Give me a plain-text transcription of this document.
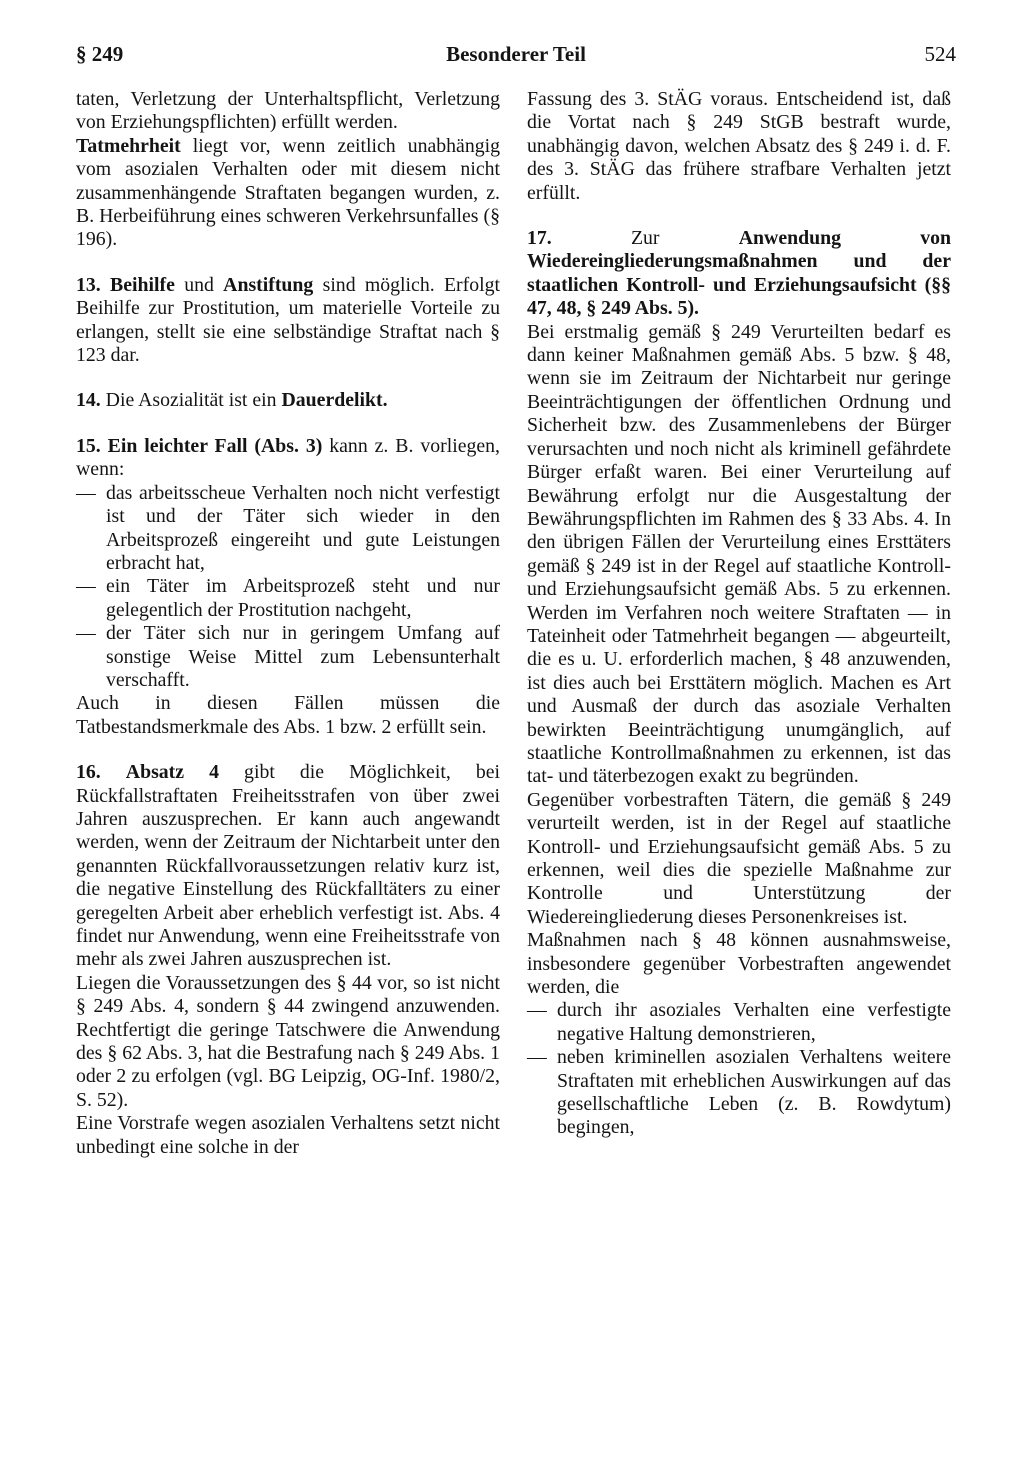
§ 249	Besonderer Teil	524

taten, Verletzung der Unterhaltspflicht, Verletzung von Erziehungspflichten) erfüllt werden.

Tatmehrheit liegt vor, wenn zeitlich unabhängig vom asozialen Verhalten oder mit diesem nicht zusammenhängende Straftaten begangen wurden, z. B. Herbeiführung eines schweren Verkehrsunfalles (§ 196).

13. Beihilfe und Anstiftung sind möglich. Erfolgt Beihilfe zur Prostitution, um materielle Vorteile zu erlangen, stellt sie eine selbständige Straftat nach § 123 dar.

14. Die Asozialität ist ein Dauerdelikt.

15. Ein leichter Fall (Abs. 3) kann z. B. vorliegen, wenn:

— das arbeitsscheue Verhalten noch nicht verfestigt ist und der Täter sich wieder in den Arbeitsprozeß eingereiht und gute Leistungen erbracht hat,

— ein Täter im Arbeitsprozeß steht und nur gelegentlich der Prostitution nachgeht,

— der Täter sich nur in geringem Umfang auf sonstige Weise Mittel zum Lebensunterhalt verschafft.

Auch in diesen Fällen müssen die Tatbestandsmerkmale des Abs. 1 bzw. 2 erfüllt sein.

16. Absatz 4 gibt die Möglichkeit, bei Rückfallstraftaten Freiheitsstrafen von über zwei Jahren auszusprechen. Er kann auch angewandt werden, wenn der Zeitraum der Nichtarbeit unter den genannten Rückfallvoraussetzungen relativ kurz ist, die negative Einstellung des Rückfalltäters zu einer geregelten Arbeit aber erheblich verfestigt ist. Abs. 4 findet nur Anwendung, wenn eine Freiheitsstrafe von mehr als zwei Jahren auszusprechen ist.

Liegen die Voraussetzungen des § 44 vor, so ist nicht § 249 Abs. 4, sondern § 44 zwingend anzuwenden. Rechtfertigt die geringe Tatschwere die Anwendung des § 62 Abs. 3, hat die Bestrafung nach § 249 Abs. 1 oder 2 zu erfolgen (vgl. BG Leipzig, OG-Inf. 1980/2, S. 52).

Eine Vorstrafe wegen asozialen Verhaltens setzt nicht unbedingt eine solche in der

Fassung des 3. StÄG voraus. Entscheidend ist, daß die Vortat nach § 249 StGB bestraft wurde, unabhängig davon, welchen Absatz des § 249 i. d. F. des 3. StÄG das frühere strafbare Verhalten jetzt erfüllt.

17. Zur Anwendung von Wiedereingliederungsmaßnahmen und der staatlichen Kontroll- und Erziehungsaufsicht (§§ 47, 48, § 249 Abs. 5).

Bei erstmalig gemäß § 249 Verurteilten bedarf es dann keiner Maßnahmen gemäß Abs. 5 bzw. § 48, wenn sie im Zeitraum der Nichtarbeit nur geringe Beeinträchtigungen der öffentlichen Ordnung und Sicherheit bzw. des Zusammenlebens der Bürger verursachten und noch nicht als kriminell gefährdete Bürger erfaßt waren. Bei einer Verurteilung auf Bewährung erfolgt nur die Ausgestaltung der Bewährungspflichten im Rahmen des § 33 Abs. 4. In den übrigen Fällen der Verurteilung eines Ersttäters gemäß § 249 ist in der Regel auf staatliche Kontroll- und Erziehungsaufsicht gemäß Abs. 5 zu erkennen. Werden im Verfahren noch weitere Straftaten — in Tateinheit oder Tatmehrheit begangen — abgeurteilt, die es u. U. erforderlich machen, § 48 anzuwenden, ist dies auch bei Ersttätern möglich. Machen es Art und Ausmaß der durch das asoziale Verhalten bewirkten Beeinträchtigung unumgänglich, auf staatliche Kontrollmaßnahmen zu erkennen, ist das tat- und täterbezogen exakt zu begründen.

Gegenüber vorbestraften Tätern, die gemäß § 249 verurteilt werden, ist in der Regel auf staatliche Kontroll- und Erziehungsaufsicht gemäß Abs. 5 zu erkennen, weil dies die spezielle Maßnahme zur Kontrolle und Unterstützung der Wiedereingliederung dieses Personenkreises ist.

Maßnahmen nach § 48 können ausnahmsweise, insbesondere gegenüber Vorbestraften angewendet werden, die

— durch ihr asoziales Verhalten eine verfestigte negative Haltung demonstrieren,

— neben kriminellen asozialen Verhaltens weitere Straftaten mit erheblichen Auswirkungen auf das gesellschaftliche Leben (z. B. Rowdytum) begingen,
